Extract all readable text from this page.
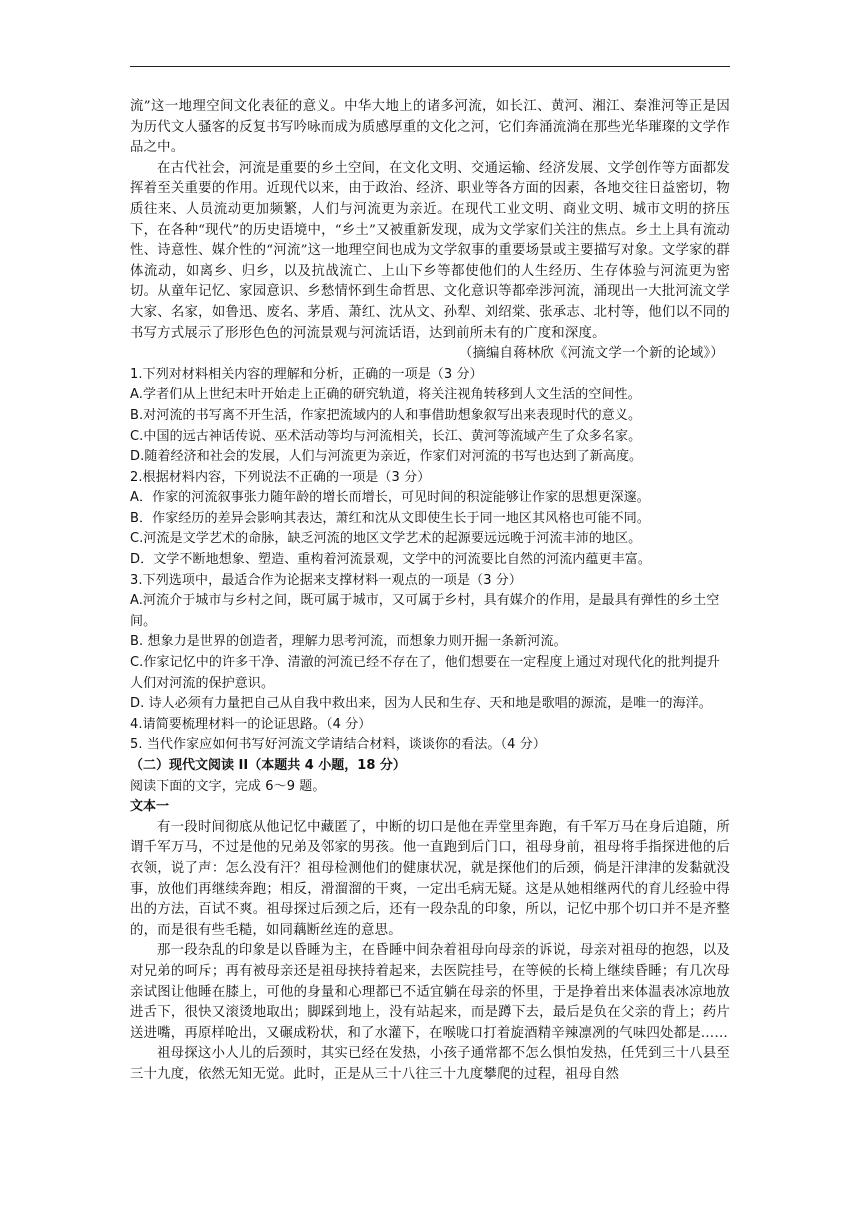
流”这一地理空间文化表征的意义。中华大地上的诸多河流，如长江、黄河、湘江、秦淮河等正是因为历代文人骚客的反复书写吟咏而成为质感厚重的文化之河，它们奔涌流淌在那些光华璀璨的文学作品之中。

在古代社会，河流是重要的乡土空间，在文化文明、交通运输、经济发展、文学创作等方面都发挥着至关重要的作用。近现代以来，由于政治、经济、职业等各方面的因素，各地交往日益密切，物质往来、人员流动更加频繁，人们与河流更为亲近。在现代工业文明、商业文明、城市文明的挤压下，在各种“现代”的历史语境中，“乡土”又被重新发现，成为文学家们关注的焦点。乡土上具有流动性、诗意性、媒介性的“河流”这一地理空间也成为文学叙事的重要场景或主要描写对象。文学家的群体流动，如离乡、归乡，以及抗战流亡、上山下乡等都使他们的人生经历、生存体验与河流更为密切。从童年记忆、家园意识、乡愁情怀到生命哲思、文化意识等都牵涉河流，涌现出一大批河流文学大家、名家，如鲁迅、废名、茅盾、萧红、沈从文、孙犁、刘绍棠、张承志、北村等，他们以不同的书写方式展示了形形色色的河流景观与河流话语，达到前所未有的广度和深度。

（摘编自蒋林欣《河流文学一个新的论域》）

1.下列对材料相关内容的理解和分析，正确的一项是（3 分）

A.学者们从上世纪末叶开始走上正确的研究轨道，将关注视角转移到人文生活的空间性。

B.对河流的书写离不开生活，作家把流域内的人和事借助想象叙写出来表现时代的意义。

C.中国的远古神话传说、巫术活动等均与河流相关，长江、黄河等流域产生了众多名家。

D.随着经济和社会的发展，人们与河流更为亲近，作家们对河流的书写也达到了新高度。

2.根据材料内容，下列说法不正确的一项是（3 分）

A．作家的河流叙事张力随年龄的增长而增长，可见时间的积淀能够让作家的思想更深邃。

B．作家经历的差异会影响其表达，萧红和沈从文即使生长于同一地区其风格也可能不同。

C.河流是文学艺术的命脉，缺乏河流的地区文学艺术的起源要远远晚于河流丰沛的地区。

D．文学不断地想象、塑造、重构着河流景观，文学中的河流要比自然的河流内蕴更丰富。

3.下列选项中，最适合作为论据来支撑材料一观点的一项是（3 分）

A.河流介于城市与乡村之间，既可属于城市，又可属于乡村，具有媒介的作用，是最具有弹性的乡土空间。

B. 想象力是世界的创造者，理解力思考河流，而想象力则开掘一条新河流。

C.作家记忆中的许多干净、清澈的河流已经不存在了，他们想要在一定程度上通过对现代化的批判提升人们对河流的保护意识。

D. 诗人必须有力量把自己从自我中救出来，因为人民和生存、天和地是歌唱的源流，是唯一的海洋。

4.请简要梳理材料一的论证思路。（4 分）

5. 当代作家应如何书写好河流文学请结合材料，谈谈你的看法。（4 分）

（二）现代文阅读 II（本题共 4 小题，18 分）

阅读下面的文字，完成 6～9 题。

文本一

有一段时间彻底从他记忆中藏匿了，中断的切口是他在弄堂里奔跑，有千军万马在身后追随，所谓千军万马，不过是他的兄弟及邻家的男孩。他一直跑到后门口，祖母身前，祖母将手指探进他的后衣领，说了声：怎么没有汗？祖母检测他们的健康状况，就是探他们的后颈，倘是汗津津的发黏就没事，放他们再继续奔跑；相反，滑溜溜的干爽，一定出毛病无疑。这是从她相继两代的育儿经验中得出的方法，百试不爽。祖母探过后颈之后，还有一段杂乱的印象，所以，记忆中那个切口并不是齐整的，而是很有些毛糙，如同藕断丝连的意思。

那一段杂乱的印象是以昏睡为主，在昏睡中间杂着祖母向母亲的诉说，母亲对祖母的抱怨，以及对兄弟的呵斥；再有被母亲还是祖母挟持着起来，去医院挂号，在等候的长椅上继续昏睡；有几次母亲试图让他睡在膝上，可他的身量和心理都已不适宜躺在母亲的怀里，于是挣着出来体温表冰凉地放进舌下，很快又滚烫地取出；脚踩到地上，没有站起来，而是蹲下去，最后是负在父亲的背上；药片送进嘴，再原样呛出，又碾成粉状，和了水灌下，在喉咙口打着旋酒精辛辣凛冽的气味四处都是……

祖母探这小人儿的后颈时，其实已经在发热，小孩子通常都不怎么惧怕发热，任凭到三十八县至三十九度，依然无知无觉。此时，正是从三十八往三十九度攀爬的过程，祖母自然
